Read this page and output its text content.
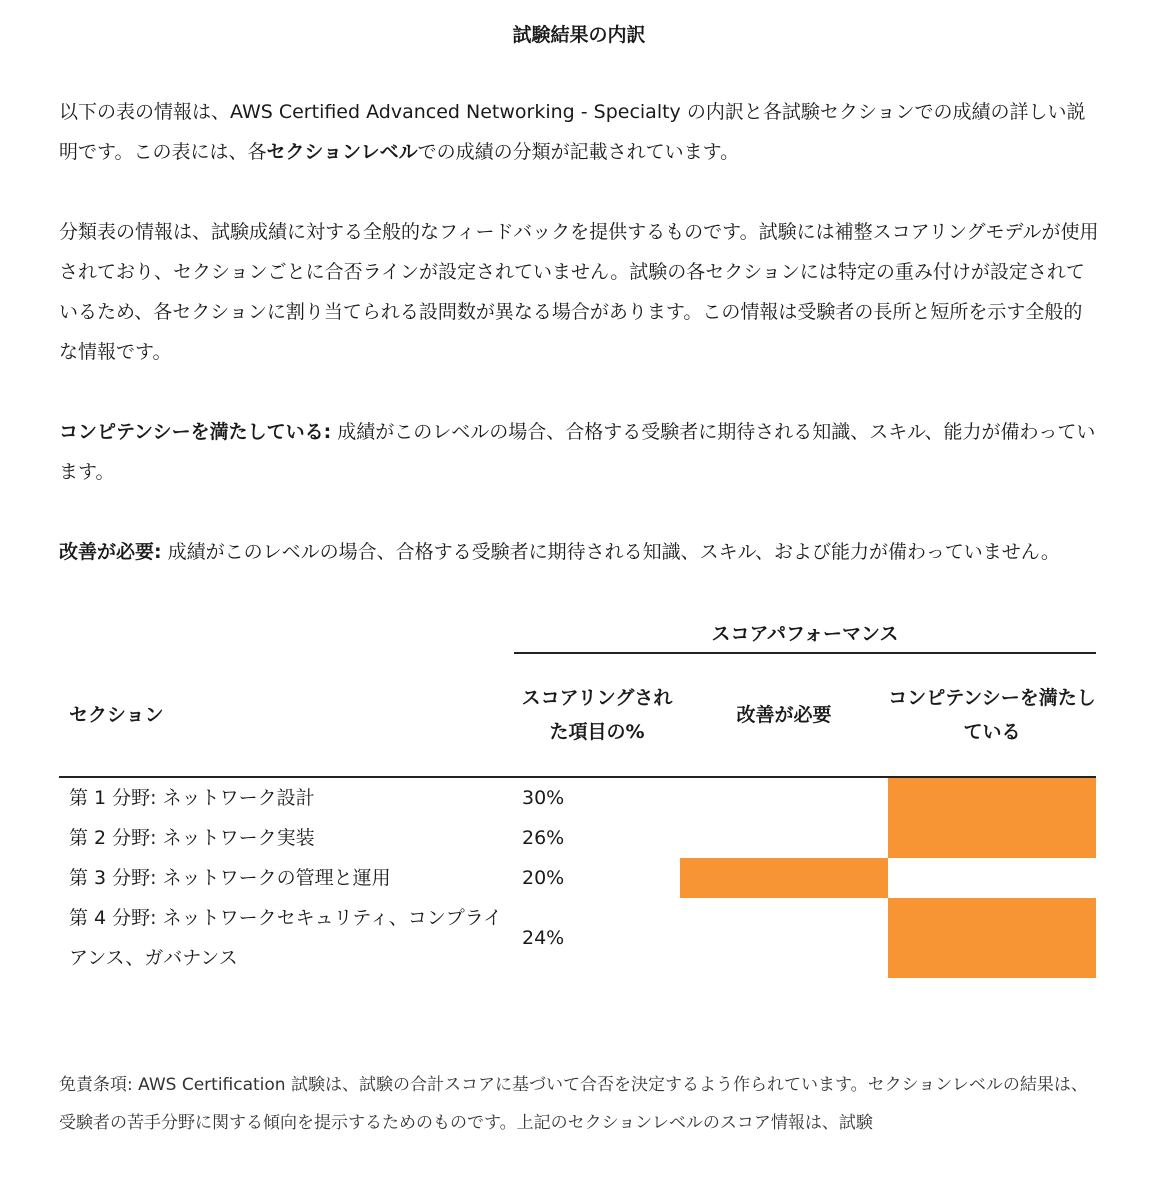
試験結果の内訳

以下の表の情報は、AWS Certified Advanced Networking - Specialty の内訳と各試験セクションでの成績の詳しい説明です。この表には、各セクションレベルでの成績の分類が記載されています。

分類表の情報は、試験成績に対する全般的なフィードバックを提供するものです。試験には補整スコアリングモデルが使用されており、セクションごとに合否ラインが設定されていません。試験の各セクションには特定の重み付けが設定されているため、各セクションに割り当てられる設問数が異なる場合があります。この情報は受験者の長所と短所を示す全般的な情報です。

コンピテンシーを満たしている: 成績がこのレベルの場合、合格する受験者に期待される知識、スキル、能力が備わっています。

改善が必要: 成績がこのレベルの場合、合格する受験者に期待される知識、スキル、および能力が備わっていません。

	スコアパフォーマンス		
セクション	スコアリングされた項目の%	改善が必要	コンピテンシーを満たしている
第 1 分野: ネットワーク設計	30%		
第 2 分野: ネットワーク実装	26%		
第 3 分野: ネットワークの管理と運用	20%		
第 4 分野: ネットワークセキュリティ、コンプライアンス、ガバナンス	24%		

免責条項: AWS Certification 試験は、試験の合計スコアに基づいて合否を決定するよう作られています。セクションレベルの結果は、受験者の苦手分野に関する傾向を提示するためのものです。上記のセクションレベルのスコア情報は、試験
